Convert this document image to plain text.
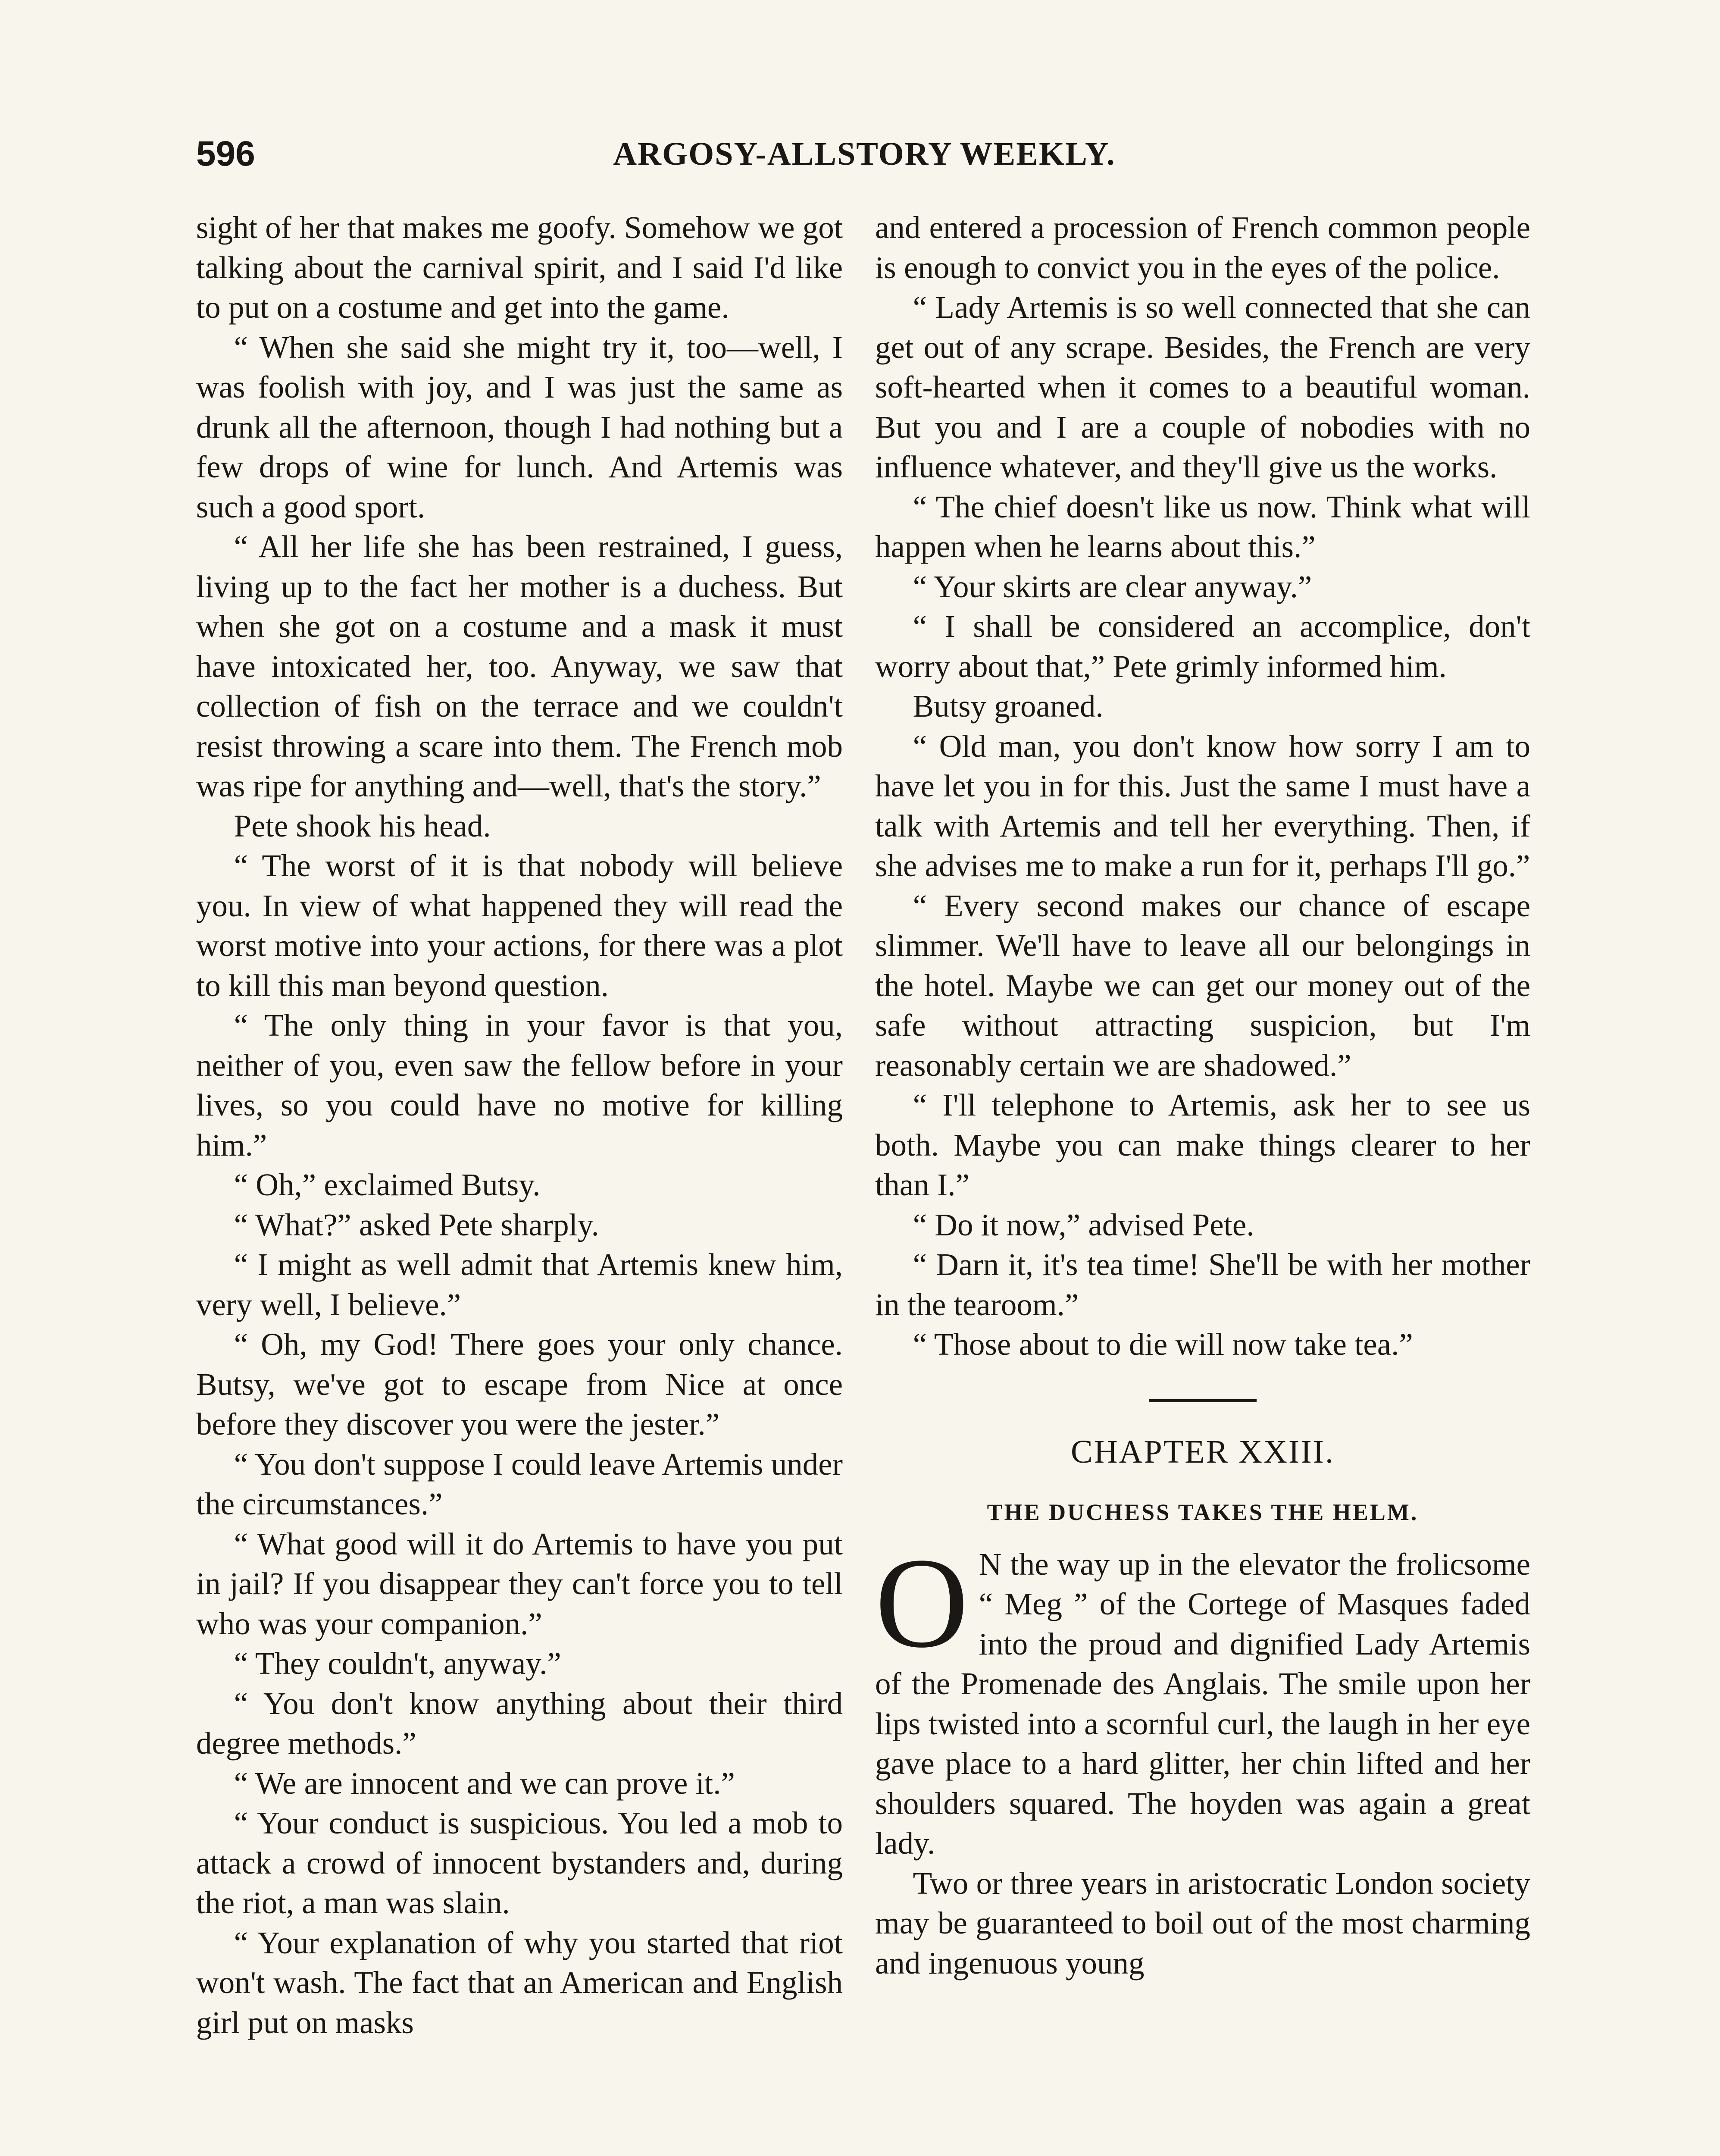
596	ARGOSY-ALLSTORY WEEKLY.

sight of her that makes me goofy. Somehow we got talking about the carnival spirit, and I said I'd like to put on a costume and get into the game.

“ When she said she might try it, too—well, I was foolish with joy, and I was just the same as drunk all the afternoon, though I had nothing but a few drops of wine for lunch. And Artemis was such a good sport.

“ All her life she has been restrained, I guess, living up to the fact her mother is a duchess. But when she got on a costume and a mask it must have intoxicated her, too. Anyway, we saw that collection of fish on the terrace and we couldn't resist throwing a scare into them. The French mob was ripe for anything and—well, that's the story.”

Pete shook his head.

“ The worst of it is that nobody will believe you. In view of what happened they will read the worst motive into your actions, for there was a plot to kill this man beyond question.

“ The only thing in your favor is that you, neither of you, even saw the fellow before in your lives, so you could have no motive for killing him.”

“ Oh,” exclaimed Butsy.

“ What?” asked Pete sharply.

“ I might as well admit that Artemis knew him, very well, I believe.”

“ Oh, my God! There goes your only chance. Butsy, we've got to escape from Nice at once before they discover you were the jester.”

“ You don't suppose I could leave Artemis under the circumstances.”

“ What good will it do Artemis to have you put in jail? If you disappear they can't force you to tell who was your companion.”

“ They couldn't, anyway.”

“ You don't know anything about their third degree methods.”

“ We are innocent and we can prove it.”

“ Your conduct is suspicious. You led a mob to attack a crowd of innocent bystanders and, during the riot, a man was slain.

“ Your explanation of why you started that riot won't wash. The fact that an American and English girl put on masks

and entered a procession of French common people is enough to convict you in the eyes of the police.

“ Lady Artemis is so well connected that she can get out of any scrape. Besides, the French are very soft-hearted when it comes to a beautiful woman. But you and I are a couple of nobodies with no influence whatever, and they'll give us the works.

“ The chief doesn't like us now. Think what will happen when he learns about this.”

“ Your skirts are clear anyway.”

“ I shall be considered an accomplice, don't worry about that,” Pete grimly informed him.

Butsy groaned.

“ Old man, you don't know how sorry I am to have let you in for this. Just the same I must have a talk with Artemis and tell her everything. Then, if she advises me to make a run for it, perhaps I'll go.”

“ Every second makes our chance of escape slimmer. We'll have to leave all our belongings in the hotel. Maybe we can get our money out of the safe without attracting suspicion, but I'm reasonably certain we are shadowed.”

“ I'll telephone to Artemis, ask her to see us both. Maybe you can make things clearer to her than I.”

“ Do it now,” advised Pete.

“ Darn it, it's tea time! She'll be with her mother in the tearoom.”

“ Those about to die will now take tea.”

CHAPTER XXIII.
THE DUCHESS TAKES THE HELM.

O N the way up in the elevator the frolicsome “ Meg ” of the Cortege of Masques faded into the proud and dignified Lady Artemis of the Promenade des Anglais. The smile upon her lips twisted into a scornful curl, the laugh in her eye gave place to a hard glitter, her chin lifted and her shoulders squared. The hoyden was again a great lady.

Two or three years in aristocratic London society may be guaranteed to boil out of the most charming and ingenuous young
